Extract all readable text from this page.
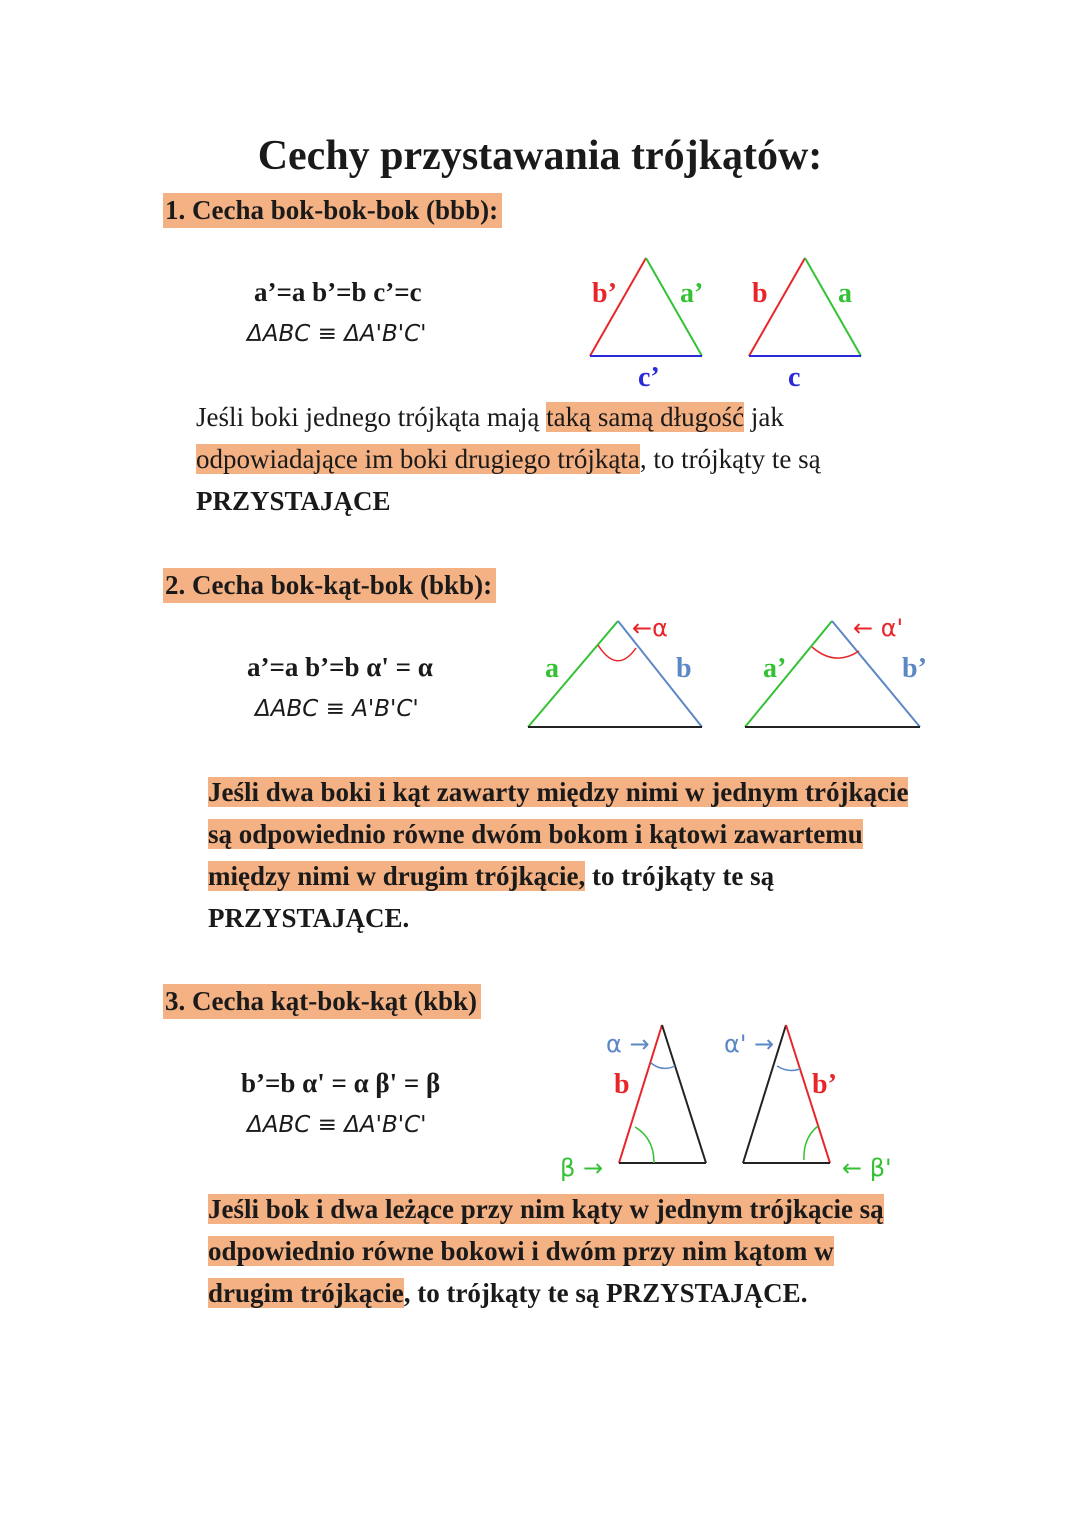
Cechy przystawania trójkątów:
1. Cecha bok-bok-bok (bbb):
a’=a b’=b c’=c
ΔABC ≡ ΔA'B'C'
b’ a’
c’
b	a
c
Jeśli boki jednego trójkąta mają taką samą długość jak
odpowiadające im boki drugiego trójkąta, to trójkąty te są
PRZYSTAJĄCE
2. Cecha bok-kąt-bok (bkb):
a’=a b’=b α' = α
ΔABC ≡ A'B'C'
a	b
←α
a’	b’
← α'
Jeśli dwa boki i kąt zawarty między nimi w jednym trójkącie
są odpowiednio równe dwóm bokom i kątowi zawartemu
między nimi w drugim trójkącie, to trójkąty te są
PRZYSTAJĄCE.
3. Cecha kąt-bok-kąt (kbk)
b’=b α' = α β' = β
ΔABC ≡ ΔA'B'C'
α →
b
β →
α' →
b’
← β'
Jeśli bok i dwa leżące przy nim kąty w jednym trójkącie są
odpowiednio równe bokowi i dwóm przy nim kątom w
drugim trójkącie, to trójkąty te są PRZYSTAJĄCE.
